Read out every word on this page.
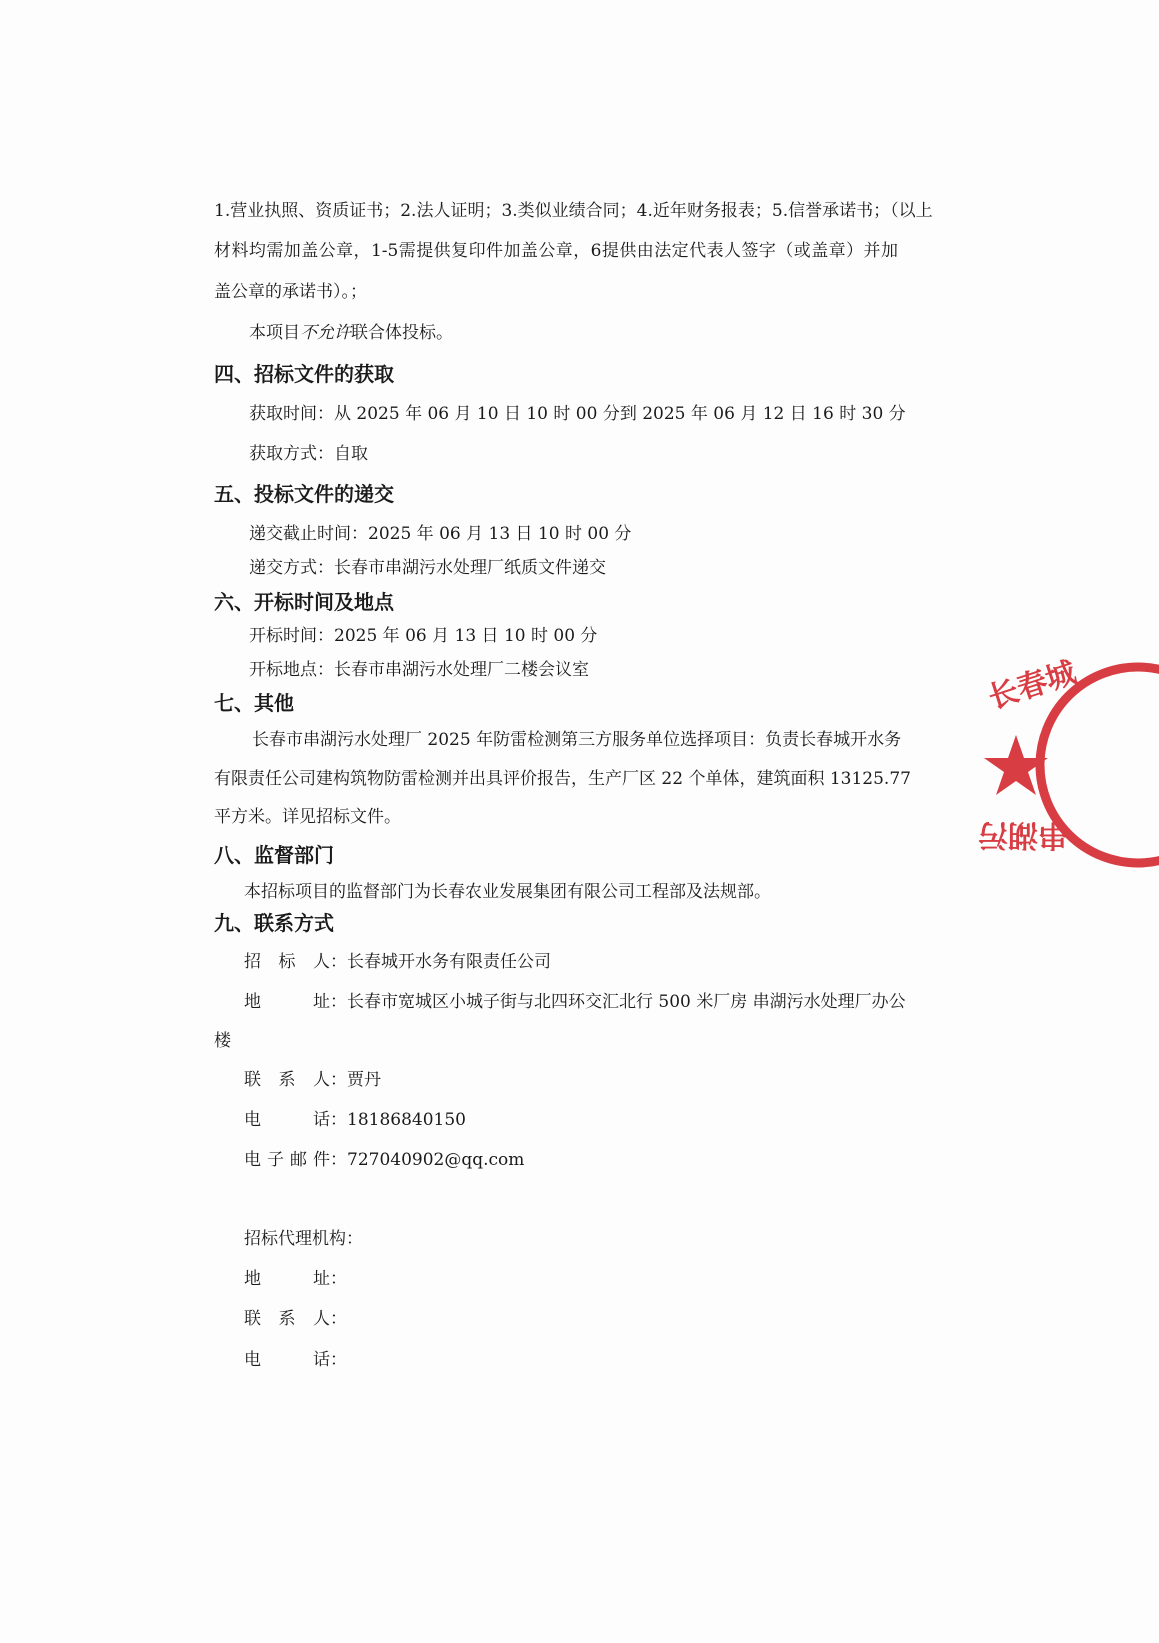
1.营业执照、资质证书；2.法人证明；3.类似业绩合同；4.近年财务报表；5.信誉承诺书；（以上
材料均需加盖公章，1-5需提供复印件加盖公章，6提供由法定代表人签字（或盖章）并加
盖公章的承诺书）。；
本项目不允许联合体投标。
四、招标文件的获取
获取时间：从 2025 年 06 月 10 日 10 时 00 分到 2025 年 06 月 12 日 16 时 30 分
获取方式：自取
五、投标文件的递交
递交截止时间：2025 年 06 月 13 日 10 时 00 分
递交方式：长春市串湖污水处理厂纸质文件递交
六、开标时间及地点
开标时间：2025 年 06 月 13 日 10 时 00 分
开标地点：长春市串湖污水处理厂二楼会议室
七、其他
长春市串湖污水处理厂 2025 年防雷检测第三方服务单位选择项目：负责长春城开水务
有限责任公司建构筑物防雷检测并出具评价报告，生产厂区 22 个单体，建筑面积 13125.77
平方米。详见招标文件。
八、监督部门
本招标项目的监督部门为长春农业发展集团有限公司工程部及法规部。
九、联系方式
招标人：长春城开水务有限责任公司
地址：长春市宽城区小城子街与北四环交汇北行 500 米厂房 串湖污水处理厂办公
楼
联系人：贾丹
电话：18186840150
电子邮件：727040902@qq.com
招标代理机构：
地址：
联系人：
电话：
长春城
串湖污
